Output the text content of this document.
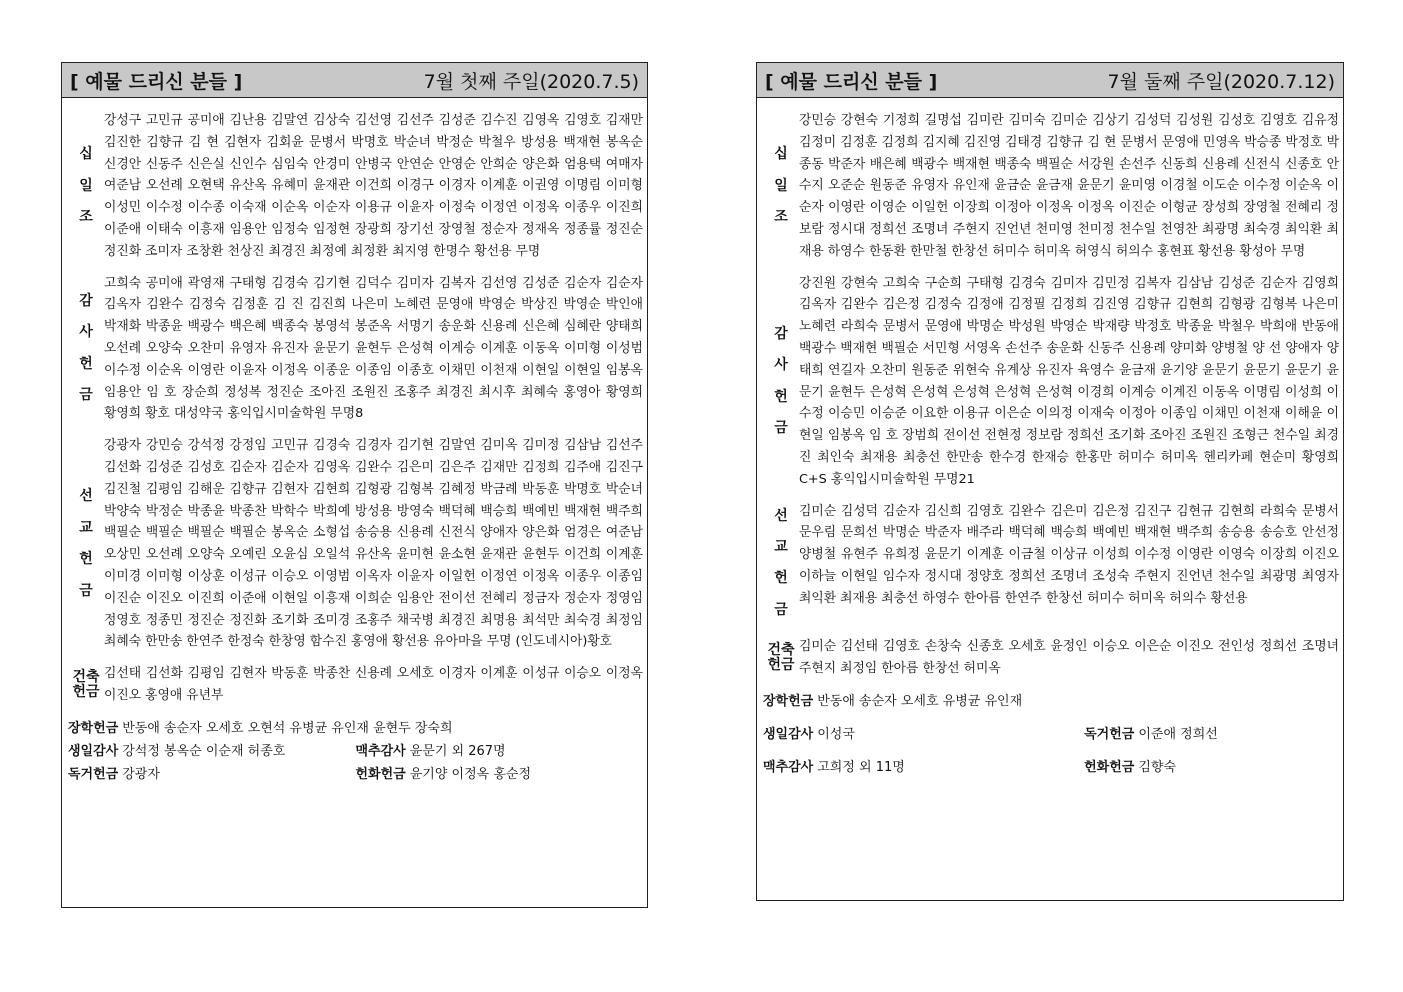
[ 예물 드리신 분들 ]	7월 첫째 주일(2020.7.5)
십
일
조
강성구 고민규 공미애 김난용 김말연 김상숙 김선영 김선주 김성준 김수진 김영옥 김영호 김재만 김진한 김향규 김 현 김현자 김회윤 문병서 박명호 박순녀 박정순 박철우 방성용 백재현 봉옥순 신경안 신동주 신은실 신인수 심임숙 안경미 안병국 안연순 안영순 안희순 양은화 엄용택 여매자 여준남 오선례 오현택 유산옥 유혜미 윤재관 이건희 이경구 이경자 이계훈 이권영 이명림 이미형 이성민 이수정 이수종 이숙재 이순옥 이순자 이용규 이윤자 이정숙 이정연 이정옥 이종우 이진희 이준애 이태숙 이흥재 임용안 임정숙 임정현 장광희 장기선 장영철 정순자 정재옥 정종률 정진순 정진화 조미자 조창환 천상진 최경진 최정예 최정환 최지영 한명수 황선용 무명
감
사
헌
금
고희숙 공미애 곽영재 구태형 김경숙 김기현 김덕수 김미자 김복자 김선영 김성준 김순자 김순자 김옥자 김완수 김정숙 김정훈 김 진 김진희 나은미 노혜련 문영애 박영순 박상진 박영순 박인애 박재화 박종윤 백광수 백은혜 백종숙 봉영석 봉준옥 서명기 송운화 신용례 신은혜 심혜란 양태희 오선례 오양숙 오찬미 유영자 유진자 윤문기 윤현두 은성혁 이계승 이계훈 이동옥 이미형 이성범 이수정 이순옥 이영란 이윤자 이정옥 이종운 이종임 이종호 이채민 이천재 이현일 이현일 임봉옥 임용안 임 호 장순희 정성복 정진순 조아진 조원진 조홍주 최경진 최시후 최혜숙 홍영아 황영희 황영희 황호 대성약국 홍익입시미술학원 무명8
선
교
헌
금
강광자 강민승 강석정 강정임 고민규 김경숙 김경자 김기현 김말연 김미옥 김미정 김삼남 김선주 김선화 김성준 김성호 김순자 김순자 김영옥 김완수 김은미 김은주 김재만 김정희 김주애 김진구 김진철 김평임 김해운 김향규 김현자 김현희 김형광 김형복 김혜정 박금례 박동훈 박명호 박순녀 박양숙 박정순 박종윤 박종찬 박학수 박희예 방성용 방영숙 백덕혜 백승희 백예빈 백재현 백주희 백필순 백필순 백필순 백필순 봉옥순 소형섭 송승용 신용례 신전식 양애자 양은화 엄경은 여준남 오상민 오선례 오양숙 오예린 오윤심 오일석 유산옥 윤미현 윤소현 윤재관 윤현두 이건희 이계훈 이미경 이미형 이상훈 이성규 이승오 이영범 이옥자 이윤자 이일헌 이정연 이정옥 이종우 이종임 이진순 이진오 이진희 이준애 이현일 이흥재 이희순 임용안 전이선 전혜리 정금자 정순자 정영임 정영호 정종민 정진순 정진화 조기화 조미경 조홍주 채국병 최경진 최명용 최석만 최숙경 최정임 최혜숙 한만송 한연주 한정숙 한창영 함수진 홍영애 황선용 유아마을 무명 (인도네시아)황호
건축
헌금
김선태 김선화 김평임 김현자 박동훈 박종찬 신용례 오세호 이경자 이계훈 이성규 이승오 이정옥 이진오 홍영애 유년부
장학헌금 반동애 송순자 오세호 오현석 유병균 유인재 윤현두 장숙희
생일감사 강석정 봉옥순 이순재 허종호	맥추감사 윤문기 외 267명
독거헌금 강광자	헌화헌금 윤기양 이정옥 홍순정
[ 예물 드리신 분들 ]	7월 둘째 주일(2020.7.12)
십
일
조
강민승 강현숙 기정희 길명섭 김미란 김미숙 김미순 김상기 김성덕 김성원 김성호 김영호 김유정 김정미 김정훈 김정희 김지혜 김진영 김태경 김향규 김 현 문병서 문영애 민영옥 박승종 박정호 박종동 박준자 배은혜 백광수 백재현 백종숙 백필순 서강원 손선주 신동희 신용례 신전식 신종호 안수지 오준순 원동준 유영자 유인재 윤금순 윤금재 윤문기 윤미영 이경철 이도순 이수정 이순옥 이순자 이영란 이영순 이일헌 이장희 이정아 이정옥 이정옥 이진순 이형균 장성희 장영철 전혜리 정보람 정시대 정희선 조명녀 주현지 진언년 천미영 천미정 천수일 천영찬 최광명 최숙경 최익환 최재용 하영수 한동환 한만철 한창선 허미수 허미옥 허영식 허의수 홍현표 황선용 황성아 무명
감
사
헌
금
강진원 강현숙 고희숙 구순희 구태형 김경숙 김미자 김민정 김복자 김삼남 김성준 김순자 김영희 김옥자 김완수 김은정 김정숙 김정애 김정필 김정희 김진영 김향규 김현희 김형광 김형복 나은미 노혜련 라희숙 문병서 문영애 박명순 박성원 박영순 박재량 박정호 박종윤 박철우 박희애 반동애 백광수 백재현 백필순 서민형 서영옥 손선주 송운화 신동주 신용례 양미화 양병철 양 선 양애자 양태희 연길자 오찬미 원동준 위현숙 유계상 유진자 육영수 윤금재 윤기양 윤문기 윤문기 윤문기 윤문기 윤현두 은성혁 은성혁 은성혁 은성혁 은성혁 이경희 이계승 이계진 이동옥 이명림 이성희 이수정 이승민 이승준 이요한 이용규 이은순 이의정 이재숙 이정아 이종임 이채민 이천재 이해윤 이현일 임봉옥 임 호 장범희 전이선 전현정 정보람 정희선 조기화 조아진 조원진 조형근 천수일 최경진 최인숙 최재용 최충선 한만송 한수경 한재승 한홍만 허미수 허미옥 헨리카페 현순미 황영희 C+S 홍익입시미술학원 무명21
선
교
헌
금
김미순 김성덕 김순자 김신희 김영호 김완수 김은미 김은정 김진구 김현규 김현희 라희숙 문병서 문우림 문희선 박명순 박준자 배주라 백덕혜 백승희 백예빈 백재현 백주희 송승용 송승호 안선정 양병철 유현주 유희정 윤문기 이계훈 이금철 이상규 이성희 이수정 이영란 이영숙 이장희 이진오 이하늘 이현일 임수자 정시대 정양호 정희선 조명녀 조성숙 주현지 진언년 천수일 최광명 최영자 최익환 최재용 최충선 하영수 한아름 한연주 한창선 허미수 허미옥 허의수 황선용
건축
헌금
김미순 김선태 김영호 손창숙 신종호 오세호 윤정인 이승오 이은순 이진오 전인성 정희선 조명녀 주현지 최정임 한아름 한창선 허미옥
장학헌금 반동애 송순자 오세호 유병균 유인재
생일감사 이성국	독거헌금 이준애 정희선
맥추감사 고희정 외 11명	헌화헌금 김향숙
